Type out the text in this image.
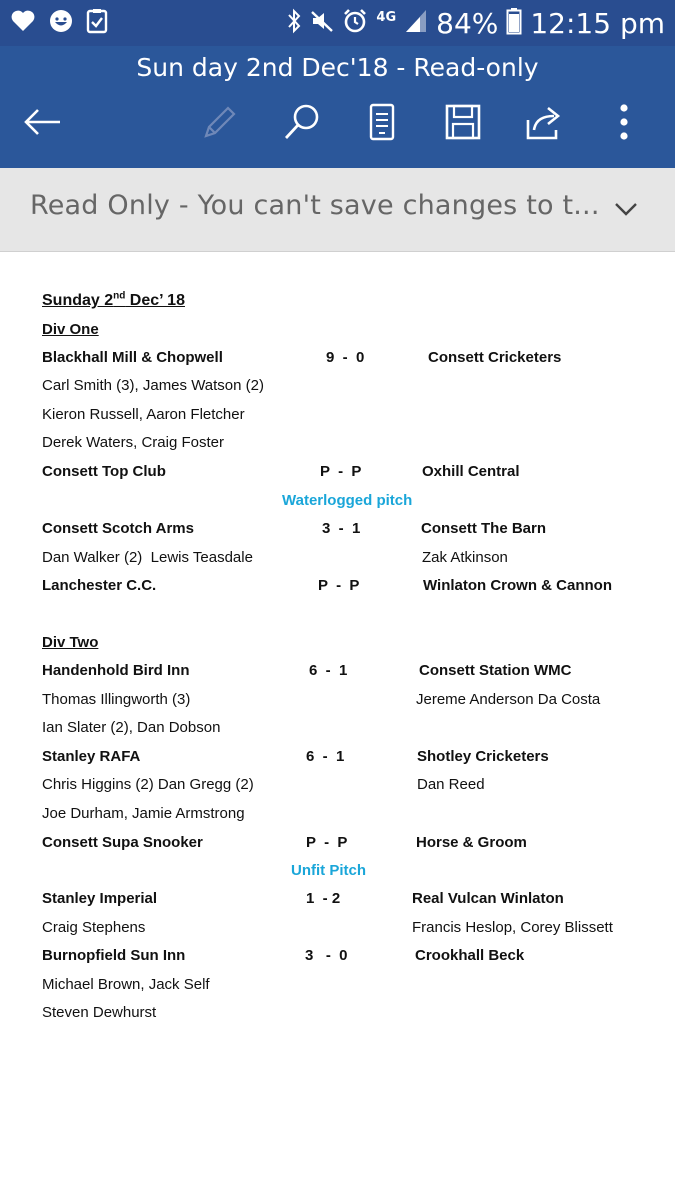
4G 84% 12:15 pm
Sun day 2nd Dec'18 - Read-only
Read Only - You can't save changes to t...
Sunday 2nd Dec’ 18
Div One
Blackhall Mill & Chopwell	9  -  0	Consett Cricketers
Carl Smith (3), James Watson (2)
Kieron Russell, Aaron Fletcher
Derek Waters, Craig Foster
Consett Top Club	P  -  P	Oxhill Central
Waterlogged pitch
Consett Scotch Arms	3  -  1	Consett The Barn
Dan Walker (2)  Lewis Teasdale	Zak Atkinson
Lanchester C.C.	P  -  P	Winlaton Crown & Cannon
Div Two
Handenhold Bird Inn	6  -  1	Consett Station WMC
Thomas Illingworth (3)	Jereme Anderson Da Costa
Ian Slater (2), Dan Dobson
Stanley RAFA	6  -  1	Shotley Cricketers
Chris Higgins (2) Dan Gregg (2)	Dan Reed
Joe Durham, Jamie Armstrong
Consett Supa Snooker	P  -  P	Horse & Groom
Unfit Pitch
Stanley Imperial	1  - 2	Real Vulcan Winlaton
Craig Stephens	Francis Heslop, Corey Blissett
Burnopfield Sun Inn	3   -  0	Crookhall Beck
Michael Brown, Jack Self
Steven Dewhurst
